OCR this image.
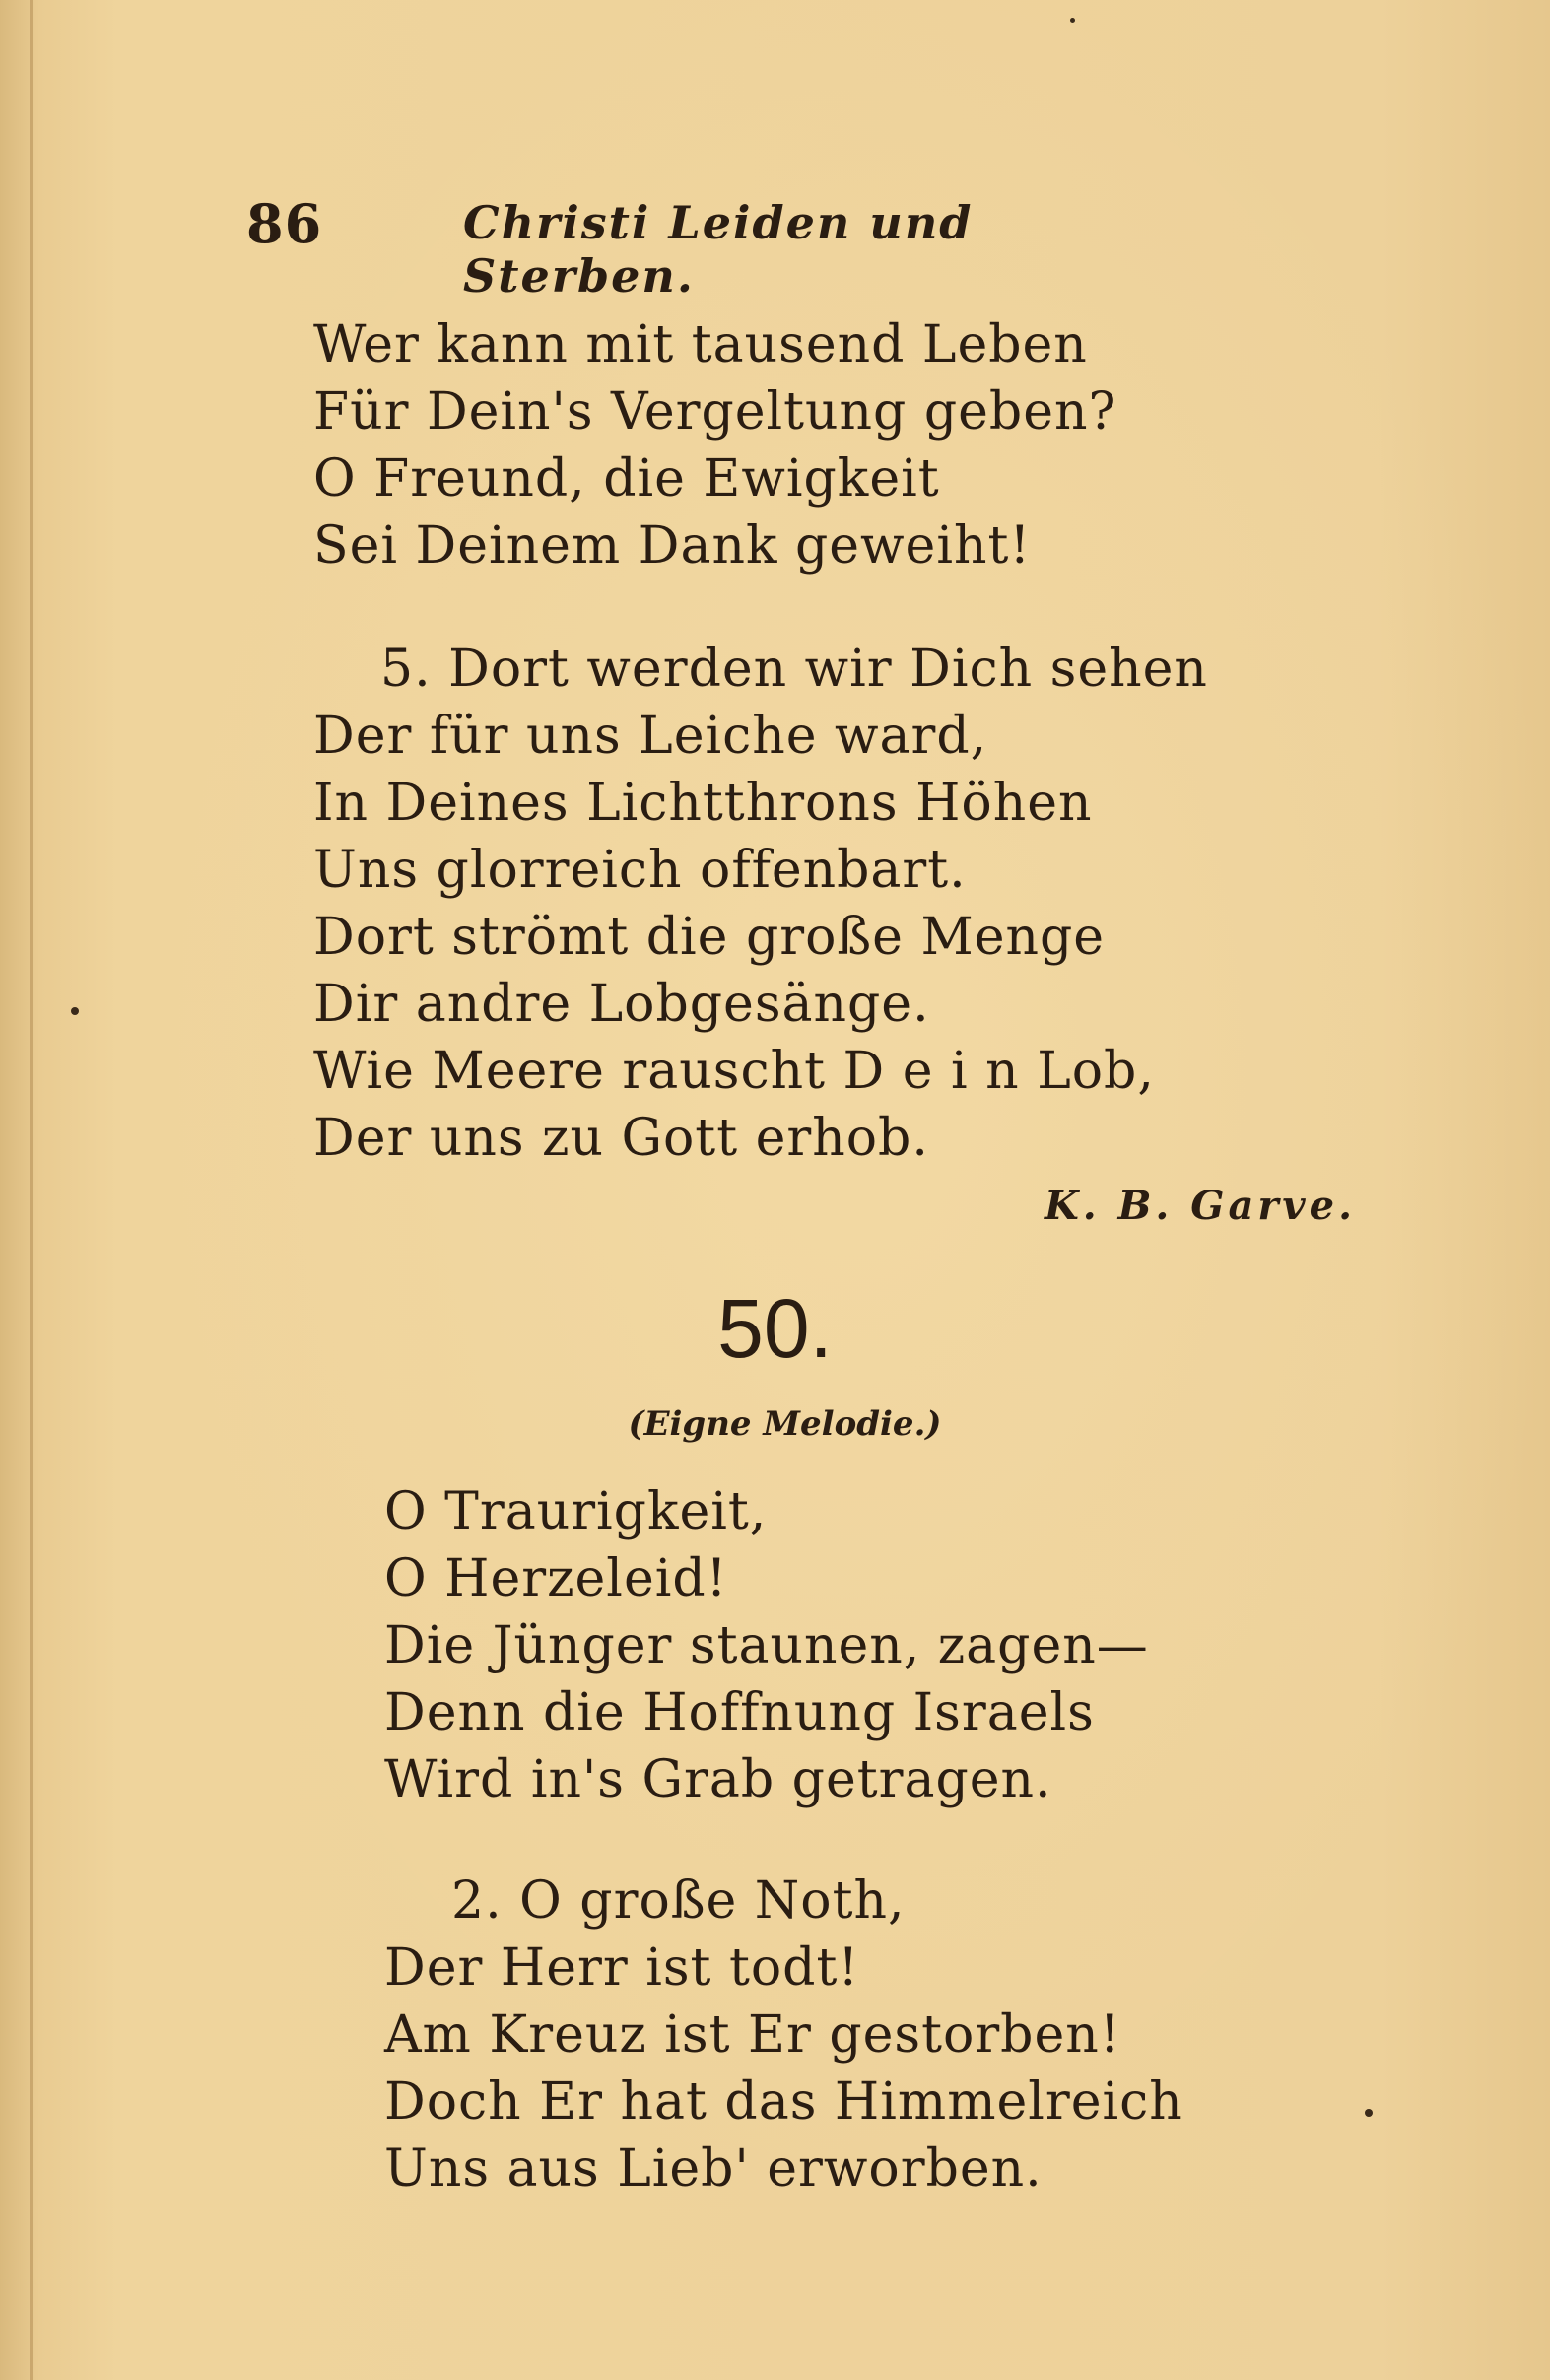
86	Christi Leiden und Sterben.
Wer kann mit tausend Leben
Für Dein's Vergeltung geben?
O Freund, die Ewigkeit
Sei Deinem Dank geweiht!
5. Dort werden wir Dich sehen
Der für uns Leiche ward,
In Deines Lichtthrons Höhen
Uns glorreich offenbart.
Dort strömt die große Menge
Dir andre Lobgesänge.
Wie Meere rauscht D e i n Lob,
Der uns zu Gott erhob.
K. B. Garve.
50.
(Eigne Melodie.)
O Traurigkeit,
O Herzeleid!
Die Jünger staunen, zagen—
Denn die Hoffnung Israels
Wird in's Grab getragen.
2. O große Noth,
Der Herr ist todt!
Am Kreuz ist Er gestorben!
Doch Er hat das Himmelreich
Uns aus Lieb' erworben.
